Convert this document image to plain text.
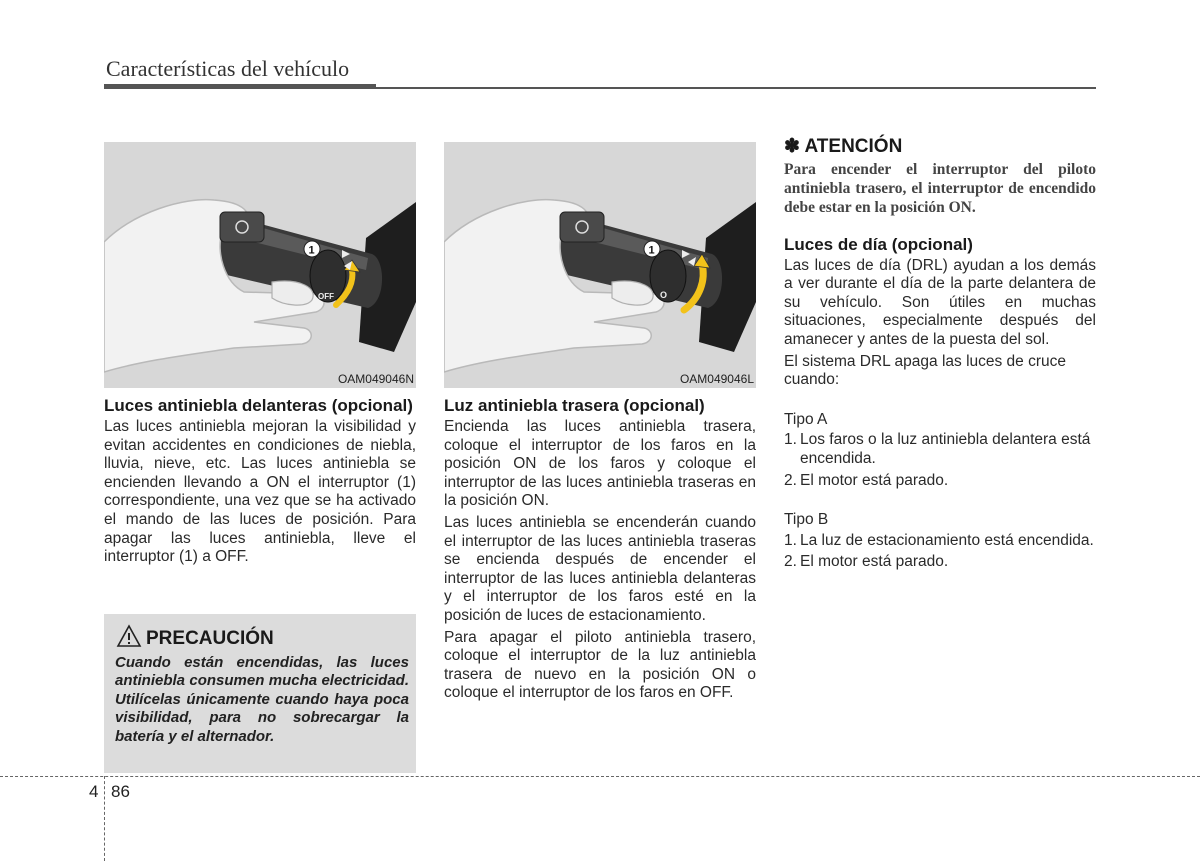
Características del vehículo
1
OFF
OAM049046N
1
O
OAM049046L
Luces antiniebla delanteras (opcional)

Las luces antiniebla mejoran la visibilidad y evitan accidentes en condiciones de niebla, lluvia, nieve, etc. Las luces antiniebla se encienden llevando a ON el interruptor (1) correspondiente, una vez que se ha activado el mando de las luces de posición. Para apagar las luces antiniebla, lleve el interruptor (1) a OFF.

PRECAUCIÓN
Cuando están encendidas, las luces antiniebla consumen mucha electricidad. Utilícelas únicamente cuando haya poca visibilidad, para no sobrecargar la batería y el alternador.
Luz antiniebla trasera (opcional)

Encienda las luces antiniebla trasera, coloque el interruptor de los faros en la posición ON de los faros y coloque el interruptor de las luces antiniebla traseras en la posición ON.

Las luces antiniebla se encenderán cuando el interruptor de las luces antiniebla traseras se encienda después de encender el interruptor de las luces antiniebla delanteras y el interruptor de los faros esté en la posición de luces de estacionamiento.

Para apagar el piloto antiniebla trasero, coloque el interruptor de la luz antiniebla trasera de nuevo en la posición ON o coloque el interruptor de los faros en OFF.

✽ ATENCIÓN
Para encender el interruptor del piloto antiniebla trasero, el interruptor de encendido debe estar en la posición ON.
Luces de día (opcional)

Las luces de día (DRL) ayudan a los demás a ver durante el día de la parte delantera de su vehículo. Son útiles en muchas situaciones, especialmente después del amanecer y antes de la puesta del sol.

El sistema DRL apaga las luces de cruce cuando:

Tipo A
1. Los faros o la luz antiniebla delantera está encendida.
2. El motor está parado.
Tipo B
1. La luz de estacionamiento está encendida.
2. El motor está parado.
4 86
